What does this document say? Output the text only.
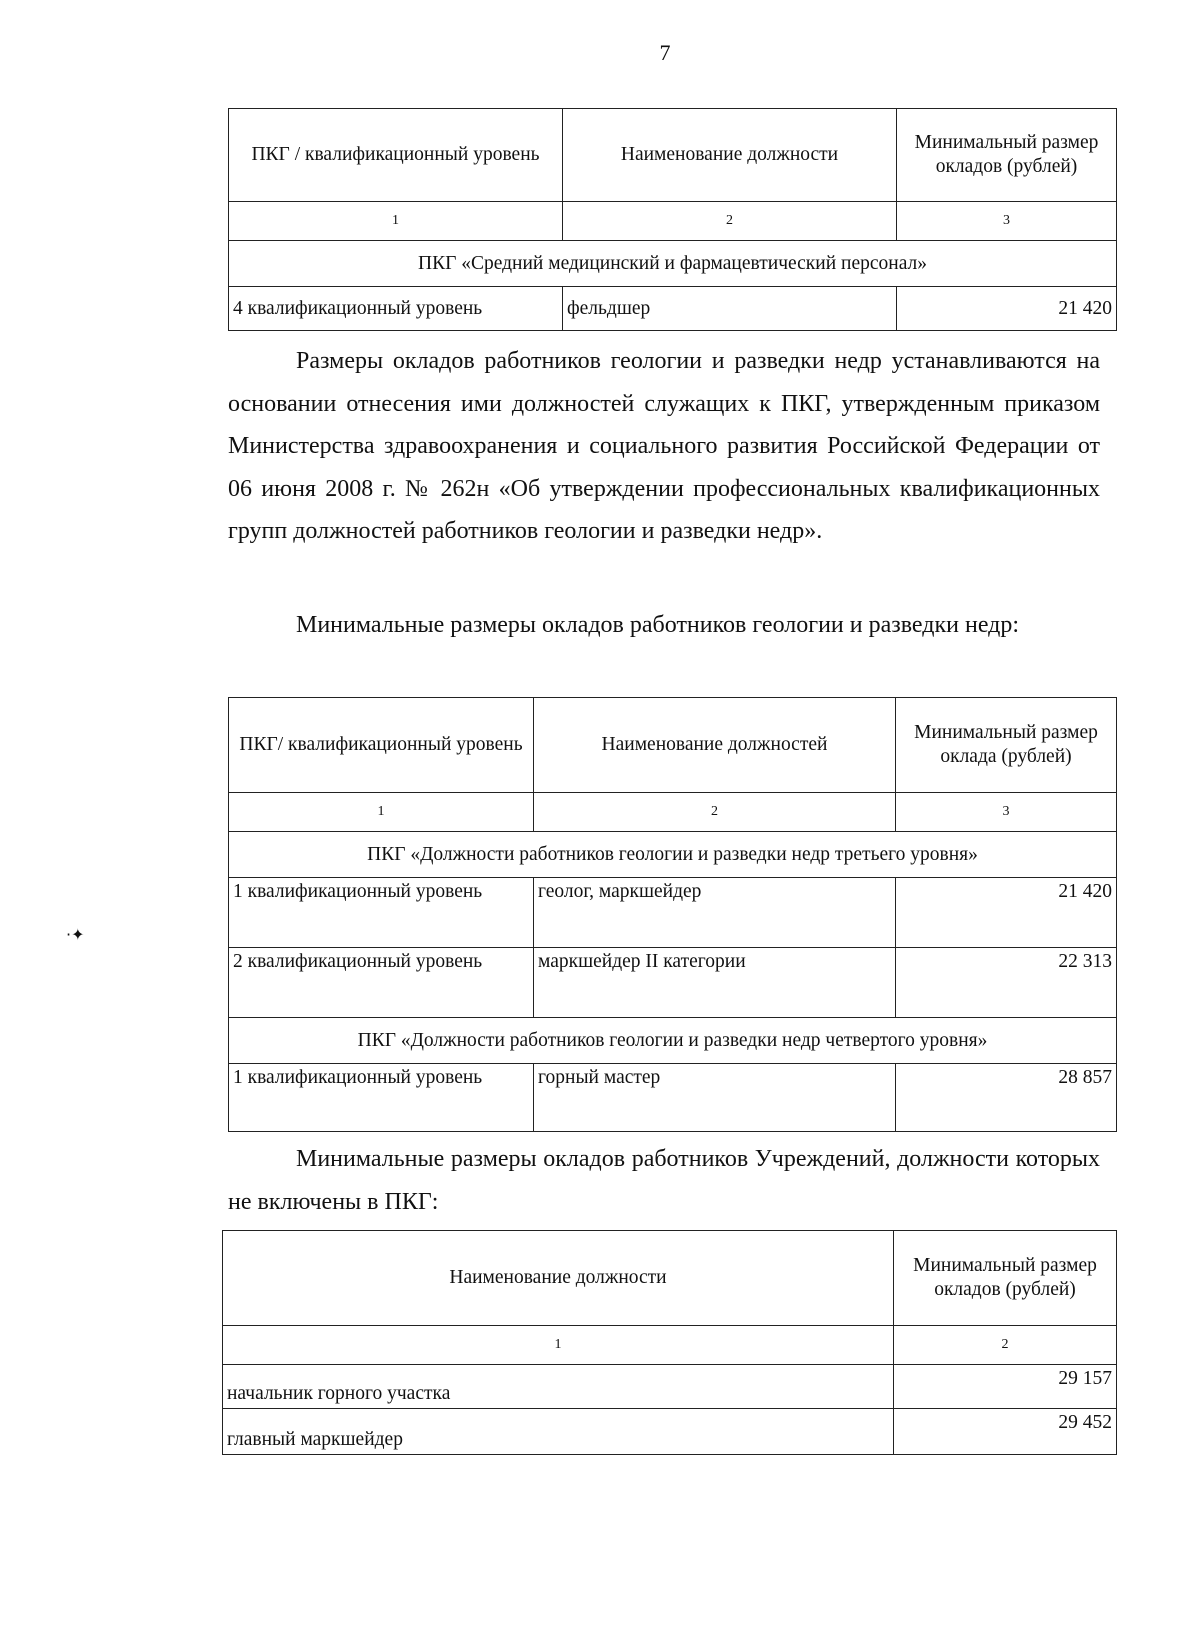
7
ПКГ / квалификационный уровень	Наименование должности	Минимальный размер окладов (рублей)
1	2	3
ПКГ «Средний медицинский и фармацевтический персонал»		
4 квалификационный уровень	фельдшер	21 420

Размеры окладов работников геологии и разведки недр устанавливаются на основании отнесения ими должностей служащих к ПКГ, утвержденным приказом Министерства здравоохранения и социального развития Российской Федерации от 06 июня 2008 г. № 262н «Об утверждении профессиональных квалификационных групп должностей работников геологии и разведки недр».

Минимальные размеры окладов работников геологии и разведки недр:

ПКГ/ квалификационный уровень	Наименование должностей	Минимальный размер оклада (рублей)
1	2	3
ПКГ «Должности работников геологии и разведки недр третьего уровня»		
1 квалификационный уровень	геолог, маркшейдер	21 420
2 квалификационный уровень	маркшейдер II категории	22 313
ПКГ «Должности работников геологии и разведки недр четвертого уровня»		
1 квалификационный уровень	горный мастер	28 857
·✦

Минимальные размеры окладов работников Учреждений, должности которых не включены в ПКГ:

Наименование должности	Минимальный размер окладов (рублей)
1	2
начальник горного участка	29 157
главный маркшейдер	29 452
